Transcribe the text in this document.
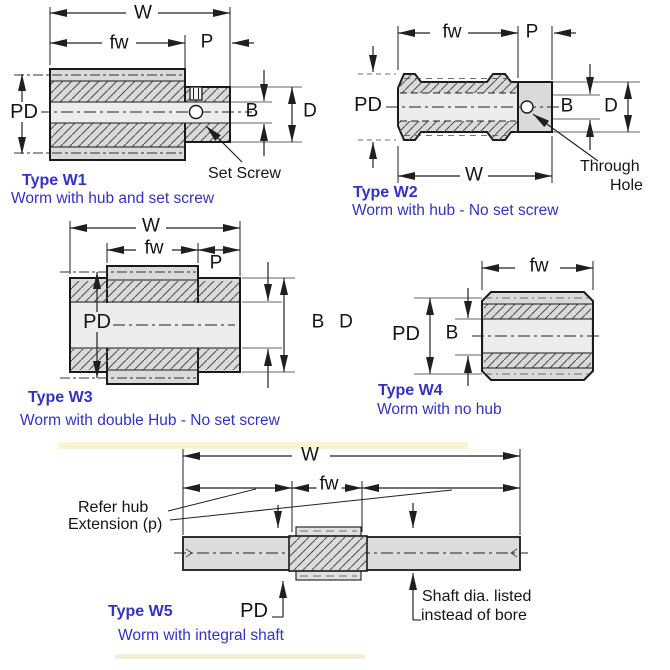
W
fw	P
PD	B D
Set Screw
Type W1
Worm with hub and set screw
fw	P
PD
W
B D
Through
Hole
Type W2
Worm with hub - No set screw
W
fw
P
PD	B D
Type W3
Worm with double Hub - No set screw
fw
PD B
Type W4
Worm with no hub
W
fw
PD
Refer hub
Extension (p)
Shaft dia. listed
instead of bore
Type W5
Worm with integral shaft
